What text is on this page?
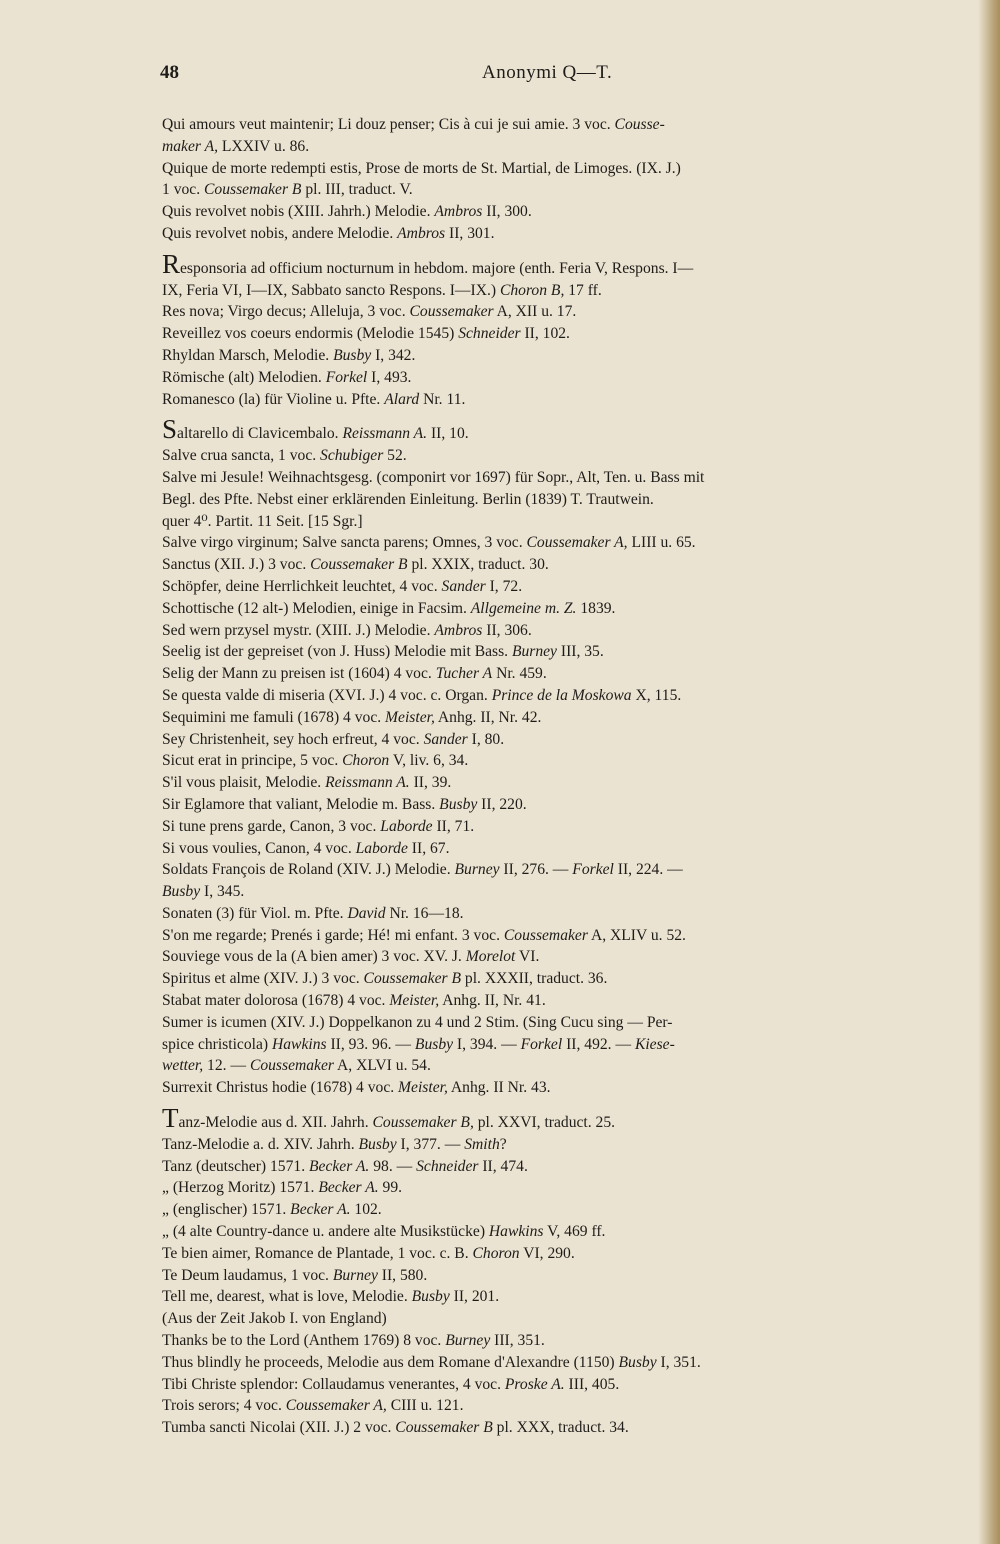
48	Anonymi Q—T.
Qui amours veut maintenir; Li douz penser; Cis à cui je sui amie. 3 voc. Cousse-
maker A, LXXIV u. 86.
Quique de morte redempti estis, Prose de morts de St. Martial, de Limoges. (IX. J.)
1 voc. Coussemaker B pl. III, traduct. V.
Quis revolvet nobis (XIII. Jahrh.) Melodie. Ambros II, 300.
Quis revolvet nobis, andere Melodie. Ambros II, 301.
Responsoria ad officium nocturnum in hebdom. majore (enth. Feria V, Respons. I—
IX, Feria VI, I—IX, Sabbato sancto Respons. I—IX.) Choron B, 17 ff.
Res nova; Virgo decus; Alleluja, 3 voc. Coussemaker A, XII u. 17.
Reveillez vos coeurs endormis (Melodie 1545) Schneider II, 102.
Rhyldan Marsch, Melodie. Busby I, 342.
Römische (alt) Melodien. Forkel I, 493.
Romanesco (la) für Violine u. Pfte. Alard Nr. 11.
Saltarello di Clavicembalo. Reissmann A. II, 10.
Salve crua sancta, 1 voc. Schubiger 52.
Salve mi Jesule! Weihnachtsgesg. (componirt vor 1697) für Sopr., Alt, Ten. u. Bass mit
Begl. des Pfte. Nebst einer erklärenden Einleitung. Berlin (1839) T. Trautwein.
quer 4⁰. Partit. 11 Seit. [15 Sgr.]
Salve virgo virginum; Salve sancta parens; Omnes, 3 voc. Coussemaker A, LIII u. 65.
Sanctus (XII. J.) 3 voc. Coussemaker B pl. XXIX, traduct. 30.
Schöpfer, deine Herrlichkeit leuchtet, 4 voc. Sander I, 72.
Schottische (12 alt-) Melodien, einige in Facsim. Allgemeine m. Z. 1839.
Sed wern przysel mystr. (XIII. J.) Melodie. Ambros II, 306.
Seelig ist der gepreiset (von J. Huss) Melodie mit Bass. Burney III, 35.
Selig der Mann zu preisen ist (1604) 4 voc. Tucher A Nr. 459.
Se questa valde di miseria (XVI. J.) 4 voc. c. Organ. Prince de la Moskowa X, 115.
Sequimini me famuli (1678) 4 voc. Meister, Anhg. II, Nr. 42.
Sey Christenheit, sey hoch erfreut, 4 voc. Sander I, 80.
Sicut erat in principe, 5 voc. Choron V, liv. 6, 34.
S'il vous plaisit, Melodie. Reissmann A. II, 39.
Sir Eglamore that valiant, Melodie m. Bass. Busby II, 220.
Si tune prens garde, Canon, 3 voc. Laborde II, 71.
Si vous voulies, Canon, 4 voc. Laborde II, 67.
Soldats François de Roland (XIV. J.) Melodie. Burney II, 276. — Forkel II, 224. —
Busby I, 345.
Sonaten (3) für Viol. m. Pfte. David Nr. 16—18.
S'on me regarde; Prenés i garde; Hé! mi enfant. 3 voc. Coussemaker A, XLIV u. 52.
Souviege vous de la (A bien amer) 3 voc. XV. J. Morelot VI.
Spiritus et alme (XIV. J.) 3 voc. Coussemaker B pl. XXXII, traduct. 36.
Stabat mater dolorosa (1678) 4 voc. Meister, Anhg. II, Nr. 41.
Sumer is icumen (XIV. J.) Doppelkanon zu 4 und 2 Stim. (Sing Cucu sing — Per-
spice christicola) Hawkins II, 93. 96. — Busby I, 394. — Forkel II, 492. — Kiese-
wetter, 12. — Coussemaker A, XLVI u. 54.
Surrexit Christus hodie (1678) 4 voc. Meister, Anhg. II Nr. 43.
Tanz-Melodie aus d. XII. Jahrh. Coussemaker B, pl. XXVI, traduct. 25.
Tanz-Melodie a. d. XIV. Jahrh. Busby I, 377. — Smith?
Tanz (deutscher) 1571. Becker A. 98. — Schneider II, 474.
„ (Herzog Moritz) 1571. Becker A. 99.
„ (englischer) 1571. Becker A. 102.
„ (4 alte Country-dance u. andere alte Musikstücke) Hawkins V, 469 ff.
Te bien aimer, Romance de Plantade, 1 voc. c. B. Choron VI, 290.
Te Deum laudamus, 1 voc. Burney II, 580.
Tell me, dearest, what is love, Melodie. Busby II, 201.
(Aus der Zeit Jakob I. von England)
Thanks be to the Lord (Anthem 1769) 8 voc. Burney III, 351.
Thus blindly he proceeds, Melodie aus dem Romane d'Alexandre (1150) Busby I, 351.
Tibi Christe splendor: Collaudamus venerantes, 4 voc. Proske A. III, 405.
Trois serors; 4 voc. Coussemaker A, CIII u. 121.
Tumba sancti Nicolai (XII. J.) 2 voc. Coussemaker B pl. XXX, traduct. 34.
